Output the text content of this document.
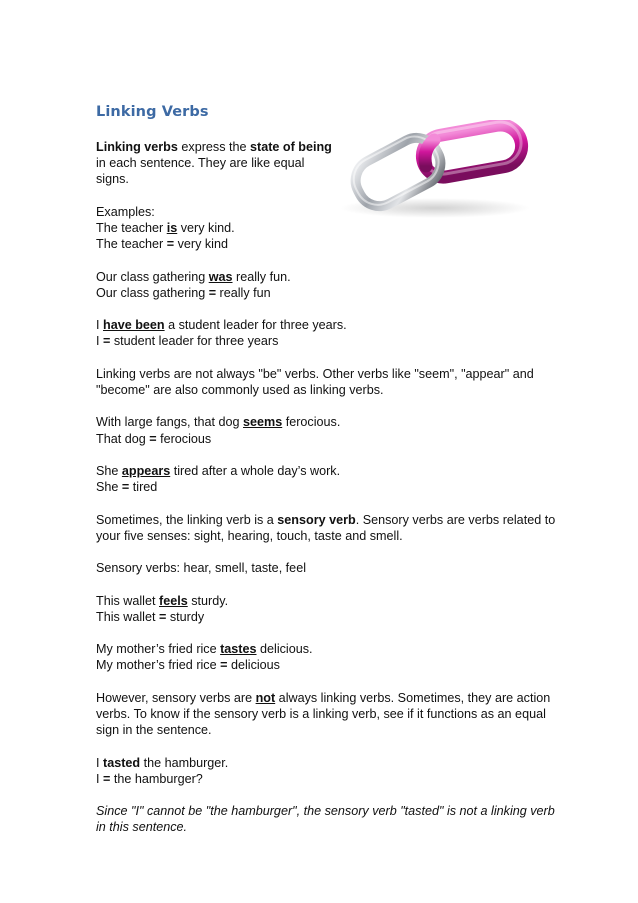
Linking Verbs

Linking verbs express the state of being in each sentence. They are like equal signs.

Examples:
The teacher is very kind.
The teacher = very kind
Our class gathering was really fun.
Our class gathering = really fun
I have been a student leader for three years.
I = student leader for three years

Linking verbs are not always "be" verbs. Other verbs like "seem", "appear" and "become" are also commonly used as linking verbs.

With large fangs, that dog seems ferocious.
That dog = ferocious
She appears tired after a whole day’s work.
She = tired

Sometimes, the linking verb is a sensory verb. Sensory verbs are verbs related to your five senses: sight, hearing, touch, taste and smell.

Sensory verbs: hear, smell, taste, feel

This wallet feels sturdy.
This wallet = sturdy
My mother’s fried rice tastes delicious.
My mother’s fried rice = delicious

However, sensory verbs are not always linking verbs. Sometimes, they are action verbs. To know if the sensory verb is a linking verb, see if it functions as an equal sign in the sentence.

I tasted the hamburger.
I = the hamburger?

Since "I" cannot be "the hamburger", the sensory verb "tasted" is not a linking verb in this sentence.
